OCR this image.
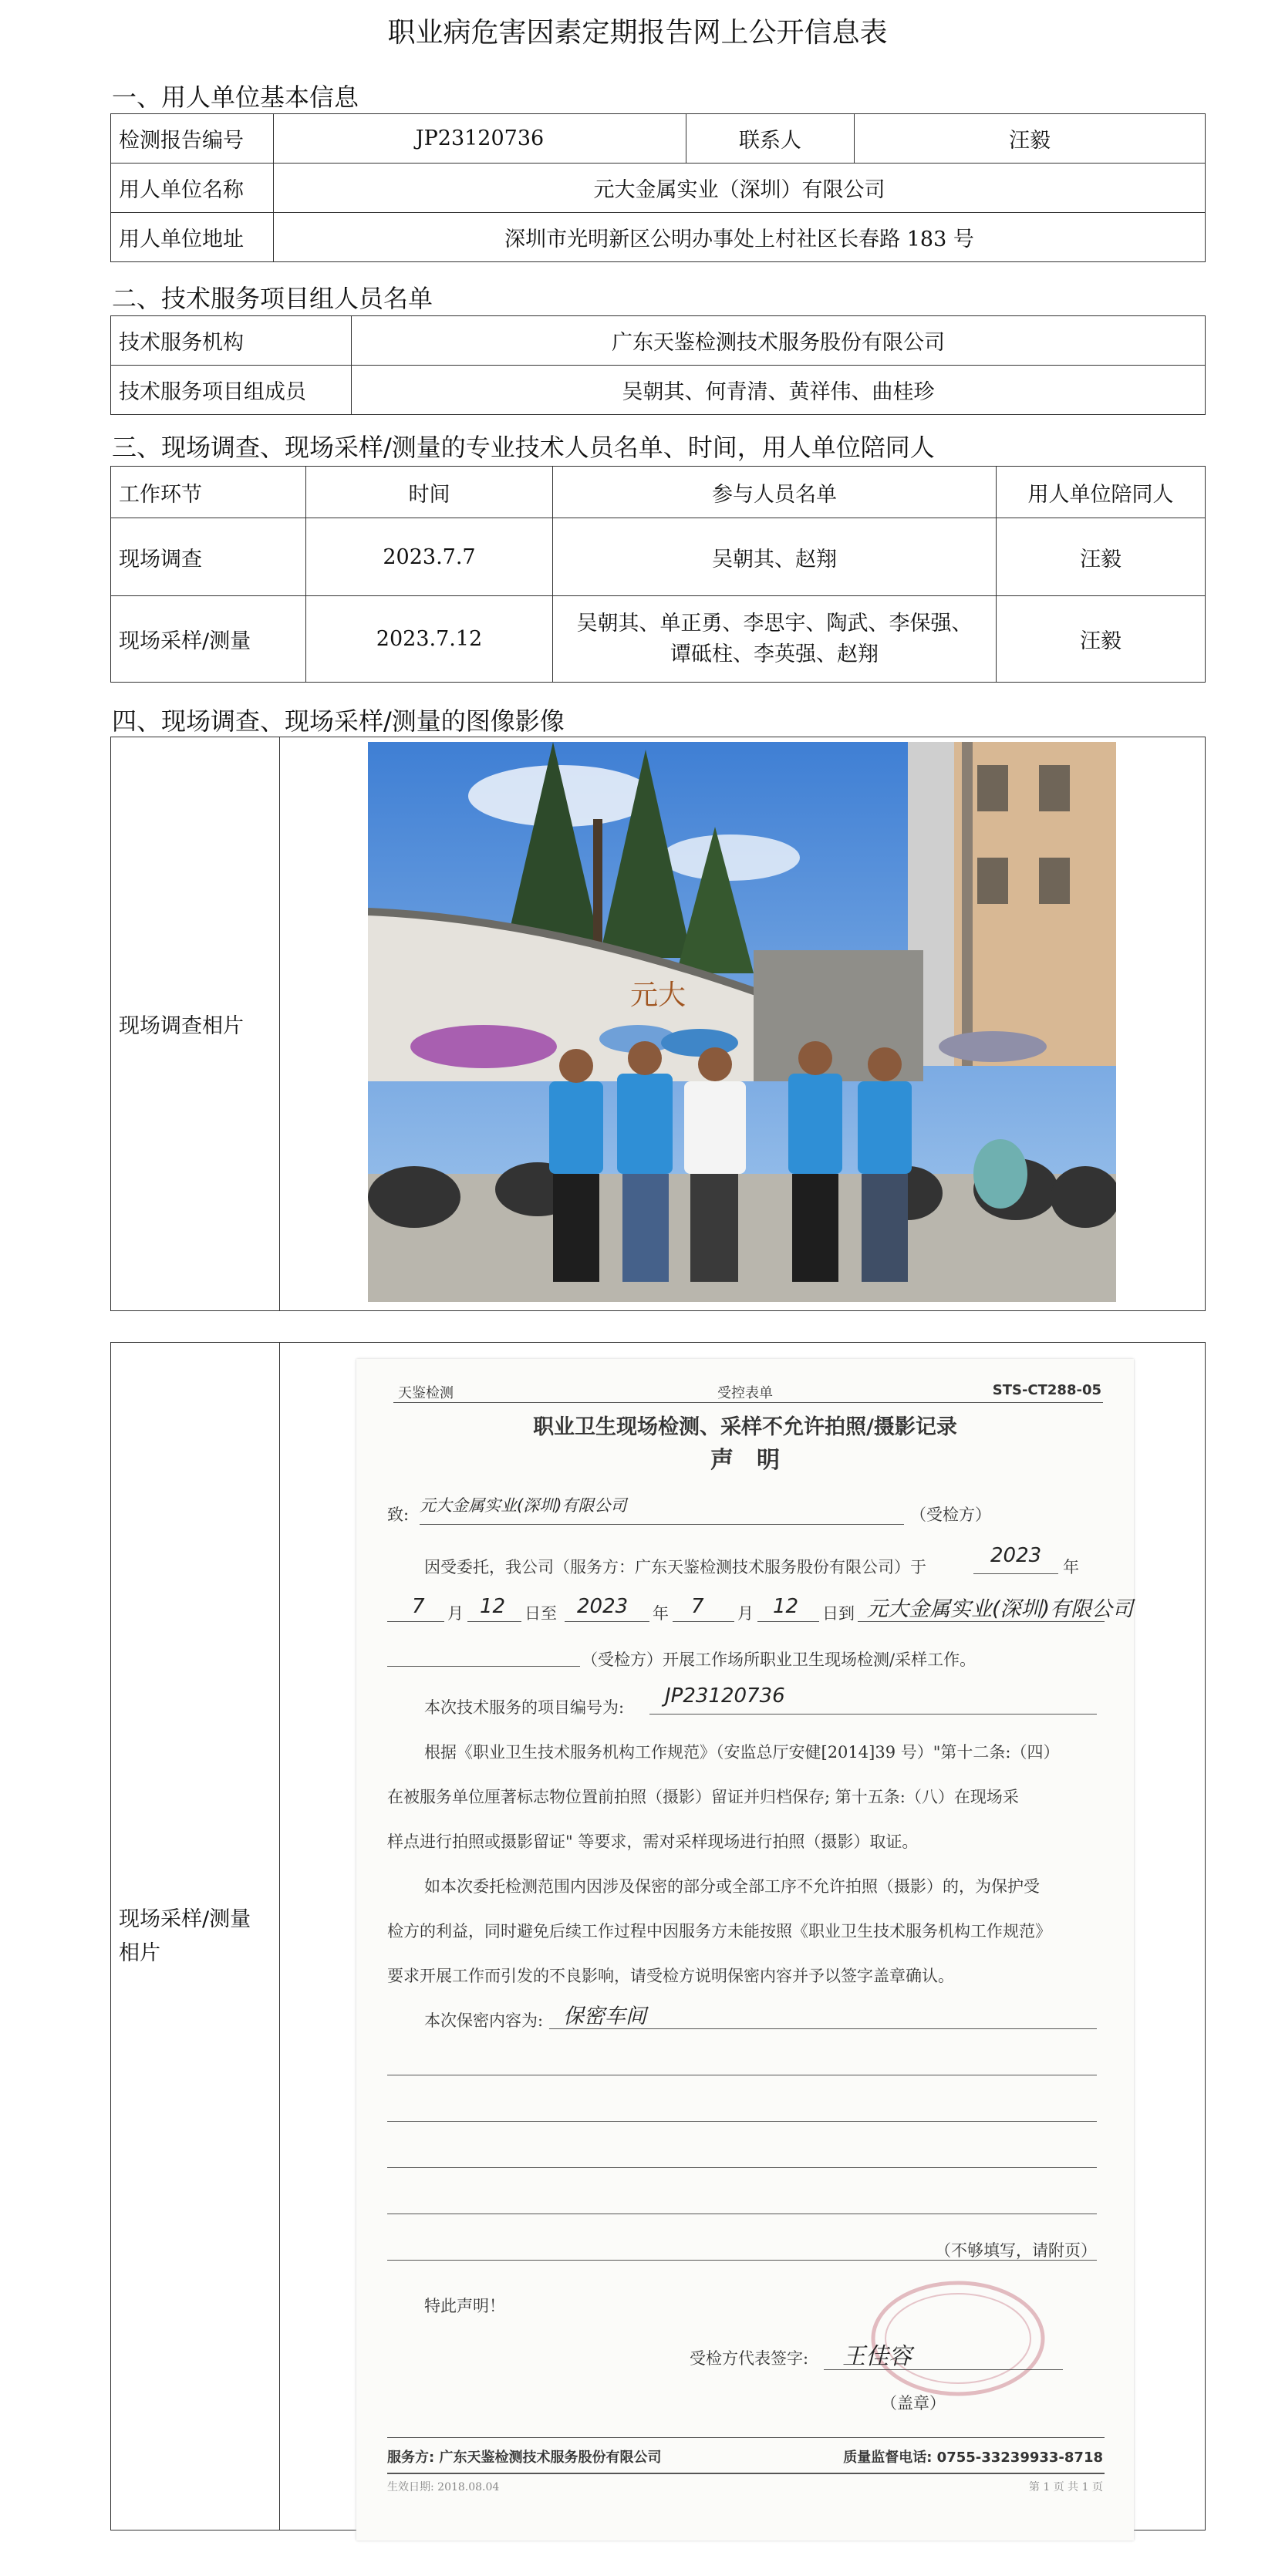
职业病危害因素定期报告网上公开信息表
一、用人单位基本信息
检测报告编号	JP23120736	联系人	汪毅
用人单位名称	元大金属实业（深圳）有限公司		
用人单位地址	深圳市光明新区公明办事处上村社区长春路 183 号		
二、技术服务项目组人员名单
技术服务机构	广东天鉴检测技术服务股份有限公司
技术服务项目组成员	吴朝其、何青清、黄祥伟、曲桂珍
三、现场调查、现场采样/测量的专业技术人员名单、时间，用人单位陪同人
工作环节	时间	参与人员名单	用人单位陪同人
现场调查	2023.7.7	吴朝其、赵翔	汪毅
现场采样/测量	2023.7.12	吴朝其、单正勇、李思宇、陶武、李保强、
谭砥柱、李英强、赵翔	汪毅
四、现场调查、现场采样/测量的图像影像
现场调查相片	
元大
现场采样/测量相片	
天鉴检测	受控表单	STS-CT288-05
职业卫生现场检测、采样不允许拍照/摄影记录
声　明
致: 元大金属实业(深圳)有限公司	（受检方）
因受委托，我公司（服务方：广东天鉴检测技术服务股份有限公司）于	2023 年
7 月 12 日至 2023 年 7 月 12 日到 元大金属实业(深圳)有限公司
（受检方）开展工作场所职业卫生现场检测/采样工作。
本次技术服务的项目编号为: JP23120736
根据《职业卫生技术服务机构工作规范》（安监总厅安健[2014]39 号）"第十二条:（四）
在被服务单位厘著标志物位置前拍照（摄影）留证并归档保存; 第十五条:（八）在现场采
样点进行拍照或摄影留证" 等要求，需对采样现场进行拍照（摄影）取证。
如本次委托检测范围内因涉及保密的部分或全部工序不允许拍照（摄影）的，为保护受
检方的利益，同时避免后续工作过程中因服务方未能按照《职业卫生技术服务机构工作规范》
要求开展工作而引发的不良影响，请受检方说明保密内容并予以签字盖章确认。
本次保密内容为: 保密车间
（不够填写，请附页）
特此声明！
受检方代表签字: 王佳容
（盖章）
服务方: 广东天鉴检测技术服务股份有限公司	质量监督电话: 0755-33239933-8718
生效日期: 2018.08.04	第 1 页 共 1 页
